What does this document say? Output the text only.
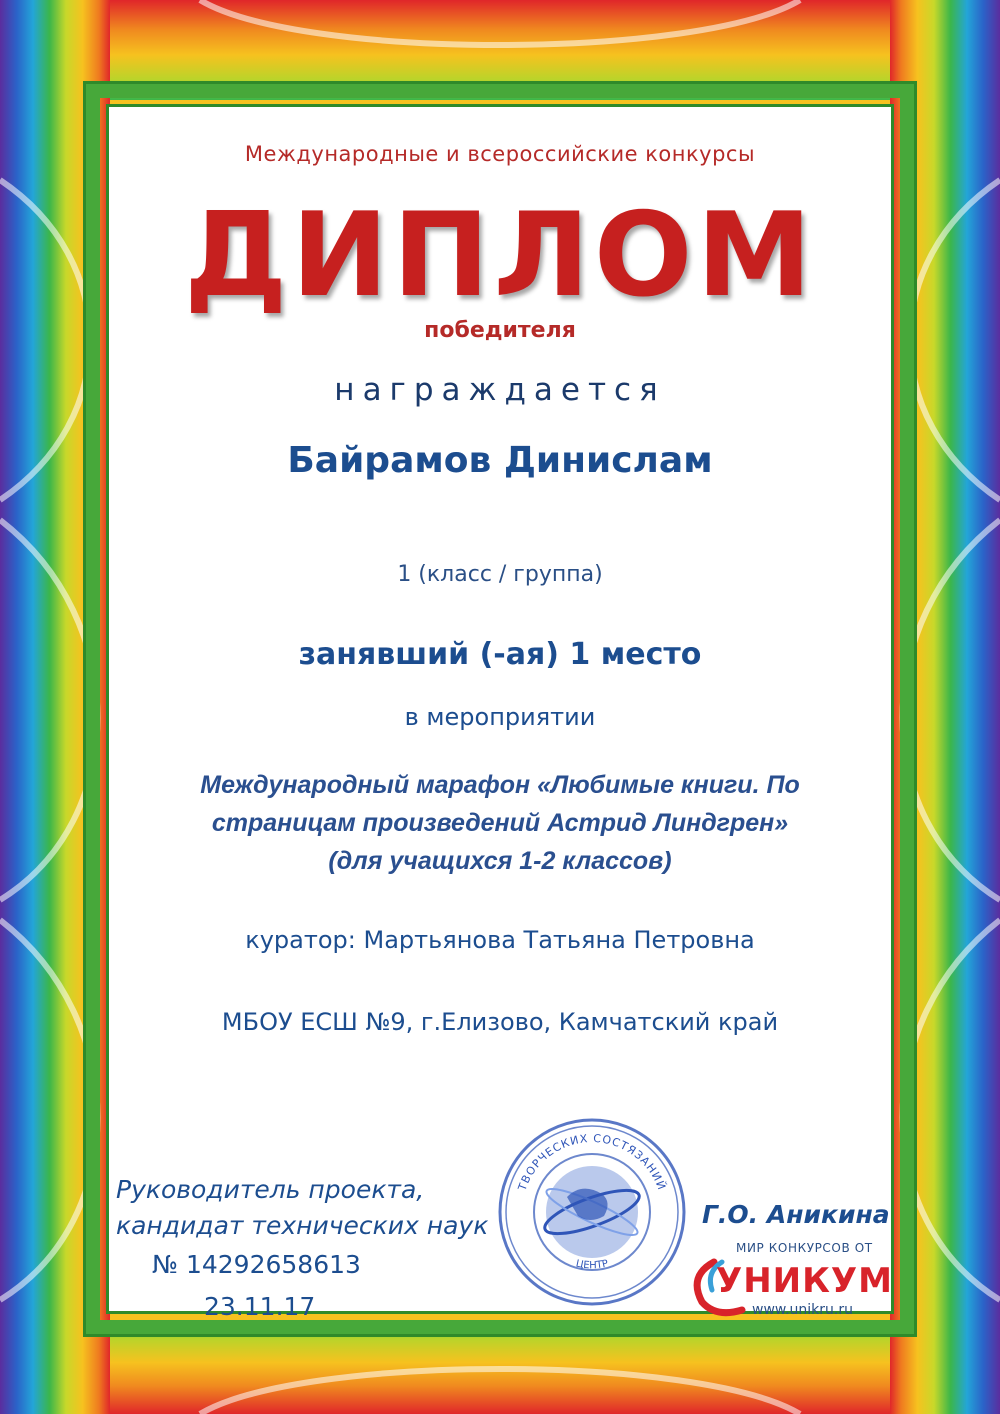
Международные и всероссийские конкурсы

ДИПЛОМ

победителя

награждается

Байрамов Динислам

1 (класс / группа)

занявший (-ая) 1 место

в мероприятии

Международный марафон «Любимые книги. По
страницам произведений Астрид Линдгрен»
(для учащихся 1-2 классов)

куратор: Мартьянова Татьяна Петровна

МБОУ ЕСШ №9, г.Елизово, Камчатский край

Руководитель проекта,
кандидат технических наук

№ 14292658613

23.11.17

ТВОРЧЕСКИХ СОСТЯЗАНИЙ
ЦЕНТР

Г.О. Аникина

МИР КОНКУРСОВ ОТ
УНИКУМ
www.unikru.ru
